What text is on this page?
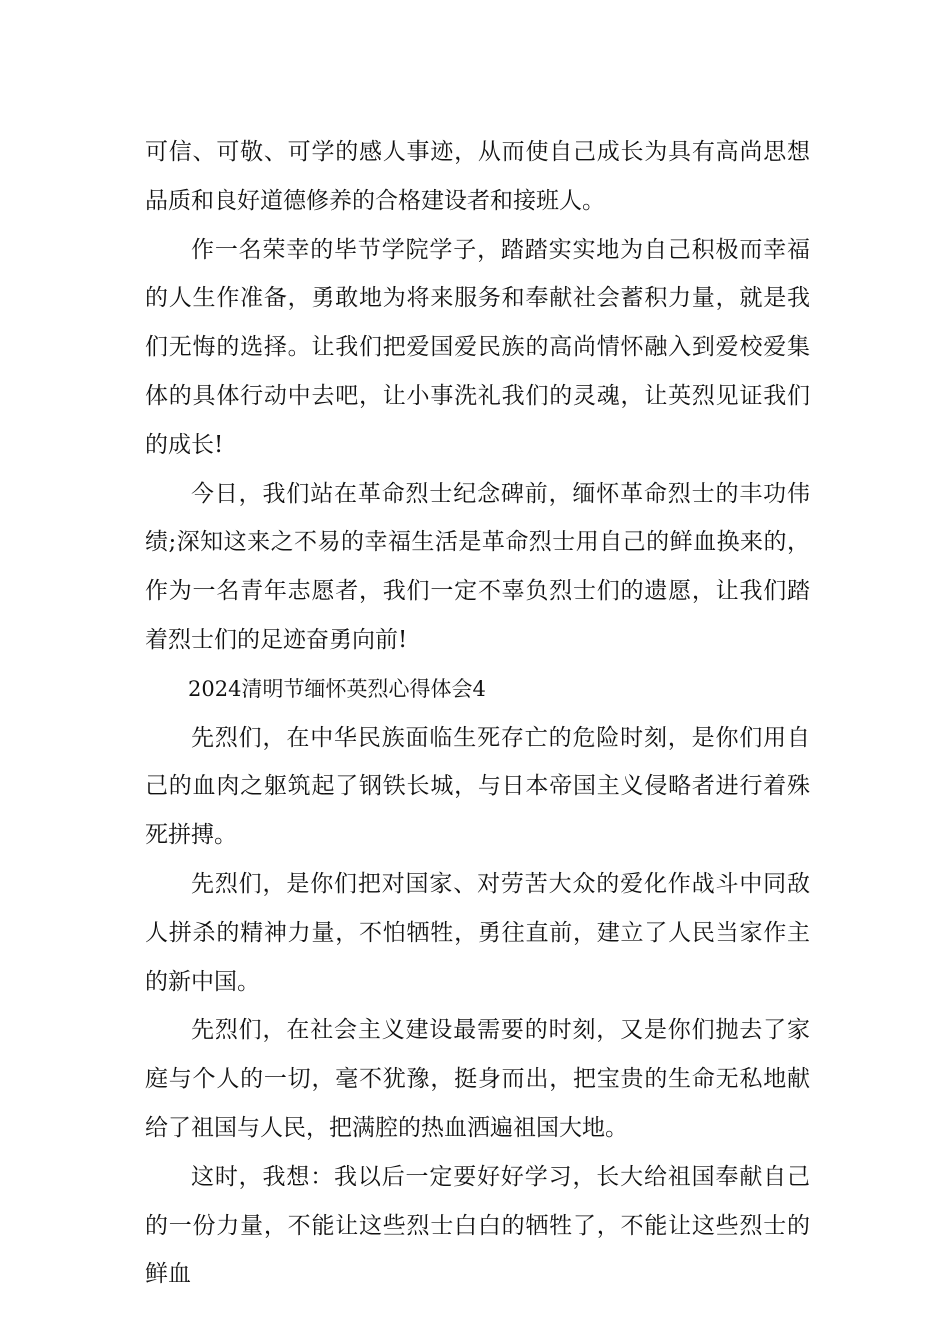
可信、可敬、可学的感人事迹，从而使自己成长为具有高尚思想品质和良好道德修养的合格建设者和接班人。

作一名荣幸的毕节学院学子，踏踏实实地为自己积极而幸福的人生作准备，勇敢地为将来服务和奉献社会蓄积力量，就是我们无悔的选择。让我们把爱国爱民族的高尚情怀融入到爱校爱集体的具体行动中去吧，让小事洗礼我们的灵魂，让英烈见证我们的成长!

今日，我们站在革命烈士纪念碑前，缅怀革命烈士的丰功伟绩;深知这来之不易的幸福生活是革命烈士用自己的鲜血换来的，作为一名青年志愿者，我们一定不辜负烈士们的遗愿，让我们踏着烈士们的足迹奋勇向前!

2024清明节缅怀英烈心得体会4

先烈们，在中华民族面临生死存亡的危险时刻，是你们用自己的血肉之躯筑起了钢铁长城，与日本帝国主义侵略者进行着殊死拼搏。

先烈们，是你们把对国家、对劳苦大众的爱化作战斗中同敌人拼杀的精神力量，不怕牺牲，勇往直前，建立了人民当家作主的新中国。

先烈们，在社会主义建设最需要的时刻，又是你们抛去了家庭与个人的一切，毫不犹豫，挺身而出，把宝贵的生命无私地献给了祖国与人民，把满腔的热血洒遍祖国大地。

这时，我想：我以后一定要好好学习，长大给祖国奉献自己的一份力量，不能让这些烈士白白的牺牲了，不能让这些烈士的鲜血
